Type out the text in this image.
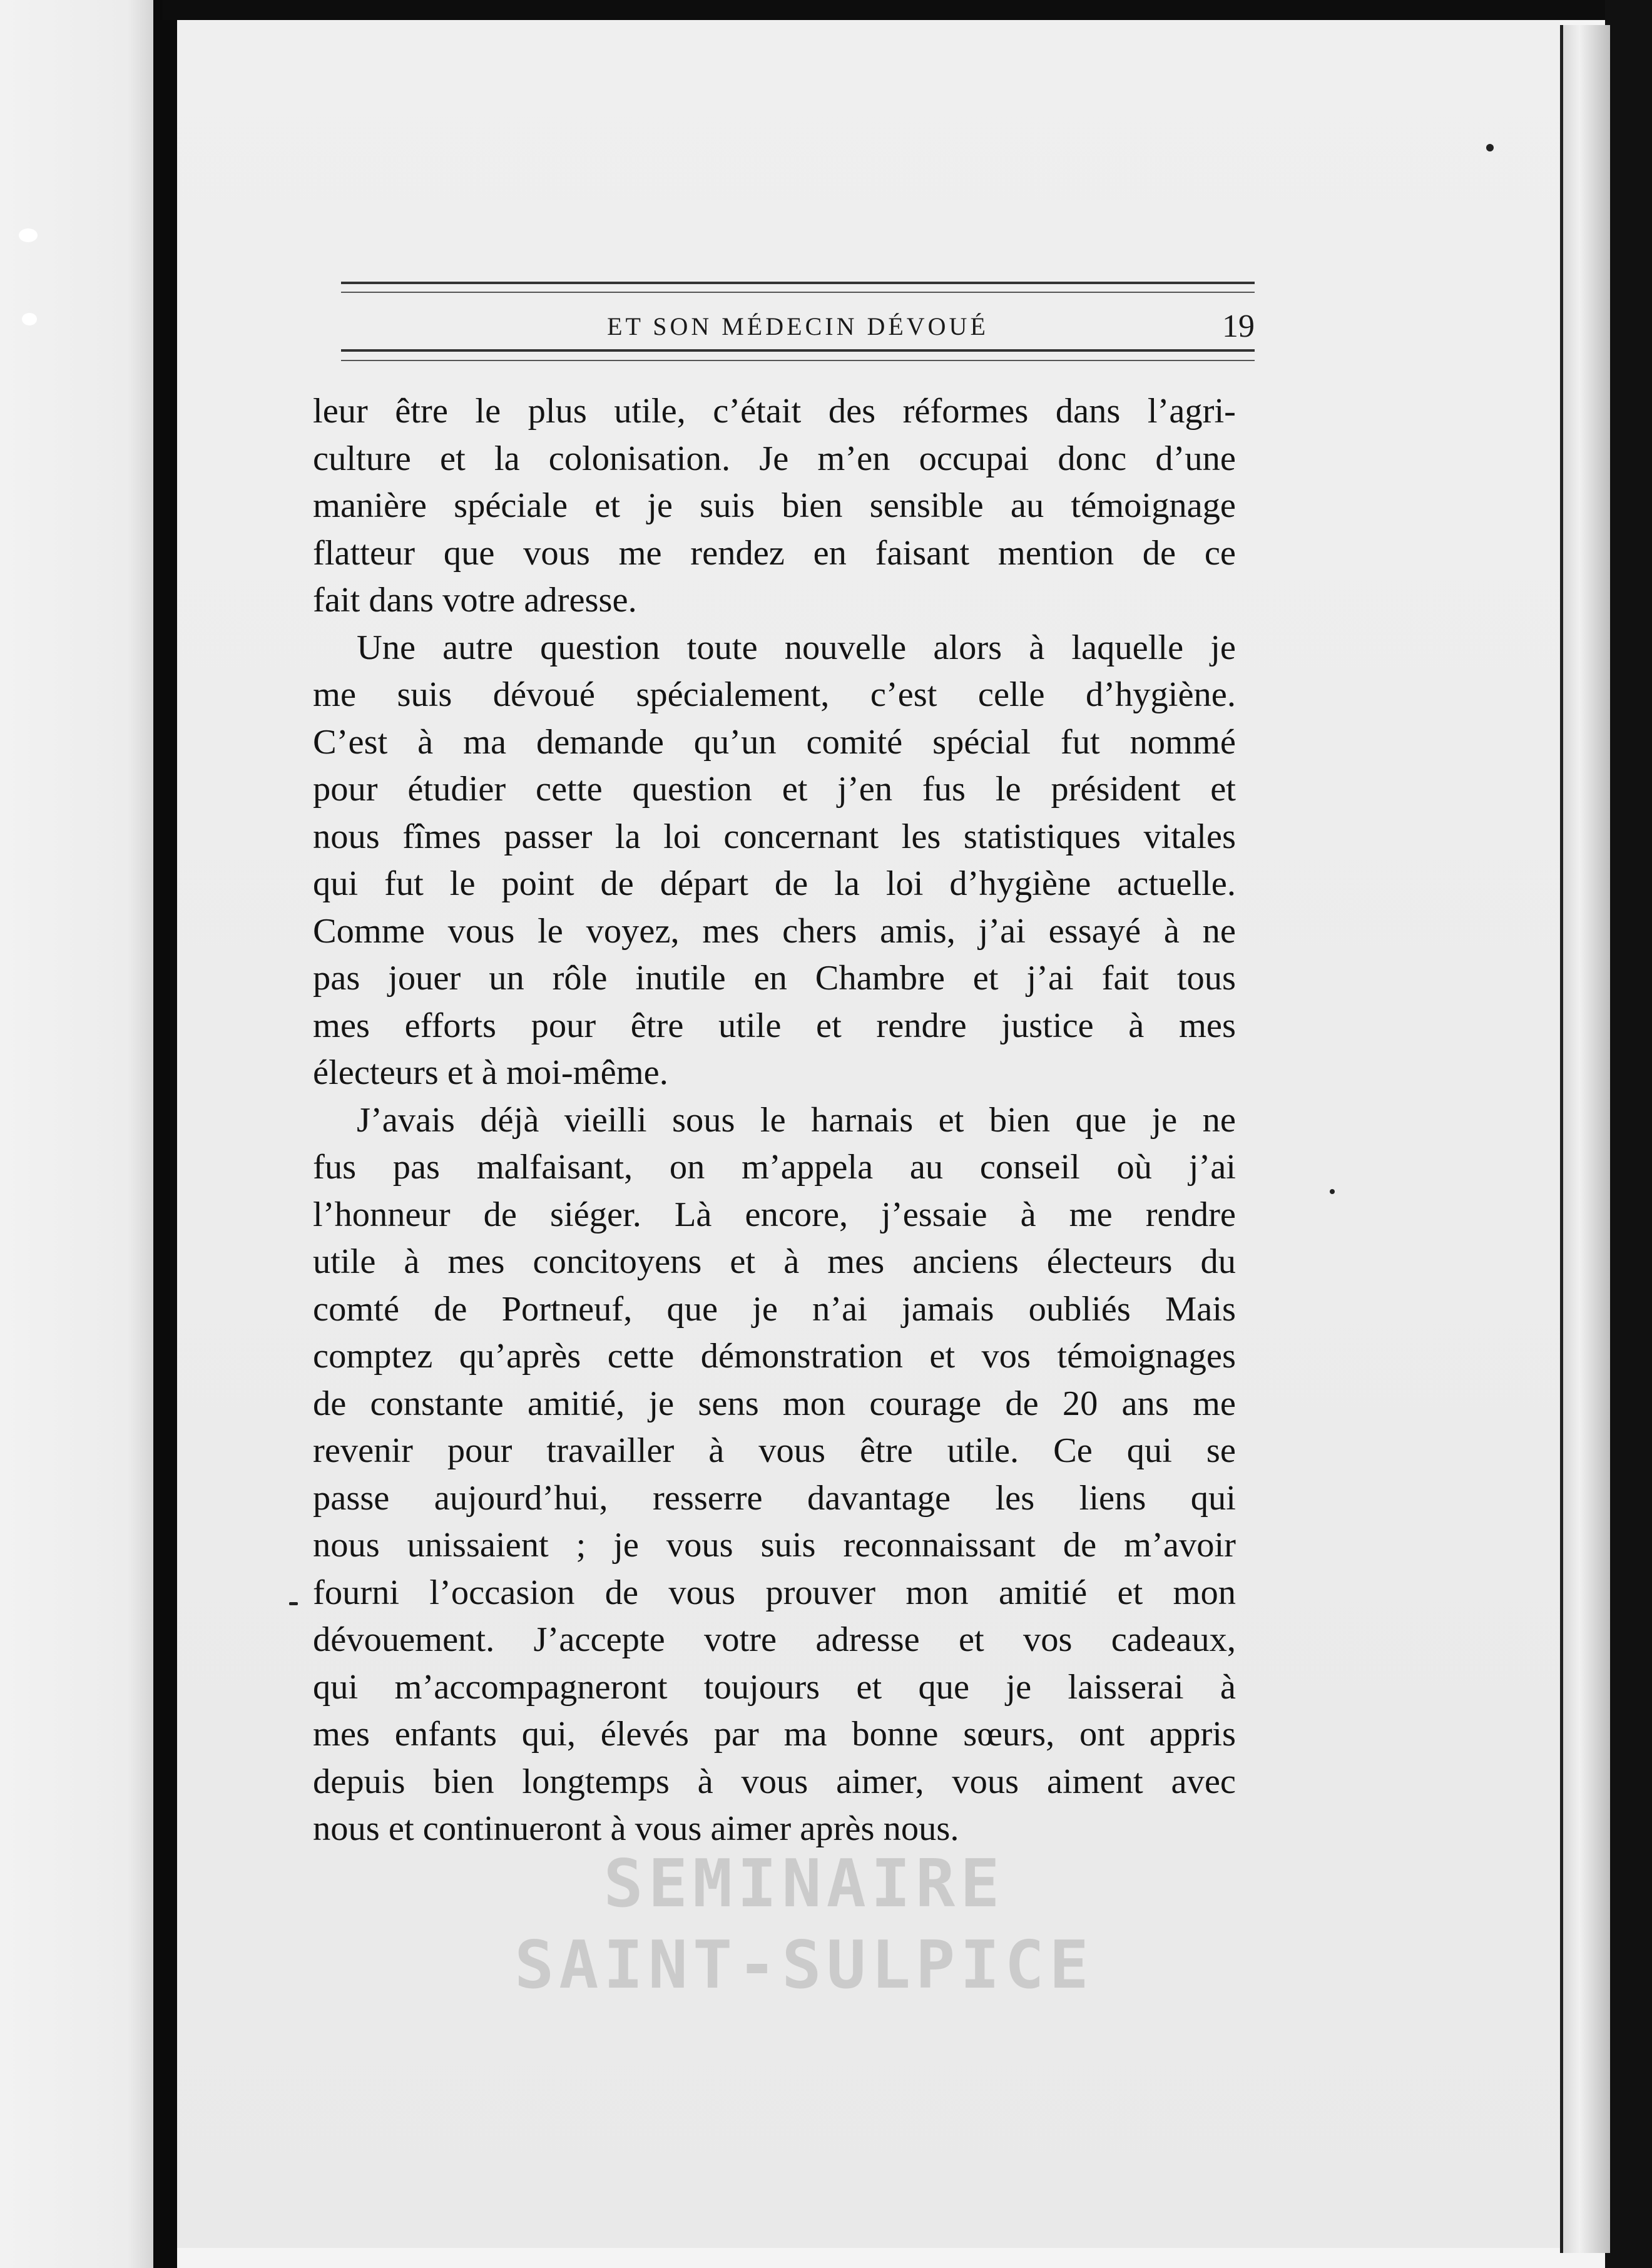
ET SON MÉDECIN DÉVOUÉ	19
leur être le plus utile, c’était des réformes dans l’agri-
culture et la colonisation. Je m’en occupai donc d’une
manière spéciale et je suis bien sensible au témoignage
flatteur que vous me rendez en faisant mention de ce
fait dans votre adresse.
Une autre question toute nouvelle alors à laquelle je
me suis dévoué spécialement, c’est celle d’hygiène.
C’est à ma demande qu’un comité spécial fut nommé
pour étudier cette question et j’en fus le président et
nous fîmes passer la loi concernant les statistiques vitales
qui fut le point de départ de la loi d’hygiène actuelle.
Comme vous le voyez, mes chers amis, j’ai essayé à ne
pas jouer un rôle inutile en Chambre et j’ai fait tous
mes efforts pour être utile et rendre justice à mes
électeurs et à moi-même.
J’avais déjà vieilli sous le harnais et bien que je ne
fus pas malfaisant, on m’appela au conseil où j’ai
l’honneur de siéger. Là encore, j’essaie à me rendre
utile à mes concitoyens et à mes anciens électeurs du
comté de Portneuf, que je n’ai jamais oubliés Mais
comptez qu’après cette démonstration et vos témoignages
de constante amitié, je sens mon courage de 20 ans me
revenir pour travailler à vous être utile. Ce qui se
passe aujourd’hui, resserre davantage les liens qui
nous unissaient ; je vous suis reconnaissant de m’avoir
fourni l’occasion de vous prouver mon amitié et mon
dévouement. J’accepte votre adresse et vos cadeaux,
qui m’accompagneront toujours et que je laisserai à
mes enfants qui, élevés par ma bonne sœurs, ont appris
depuis bien longtemps à vous aimer, vous aiment avec
nous et continueront à vous aimer après nous.
SEMINAIRE
SAINT-SULPICE
